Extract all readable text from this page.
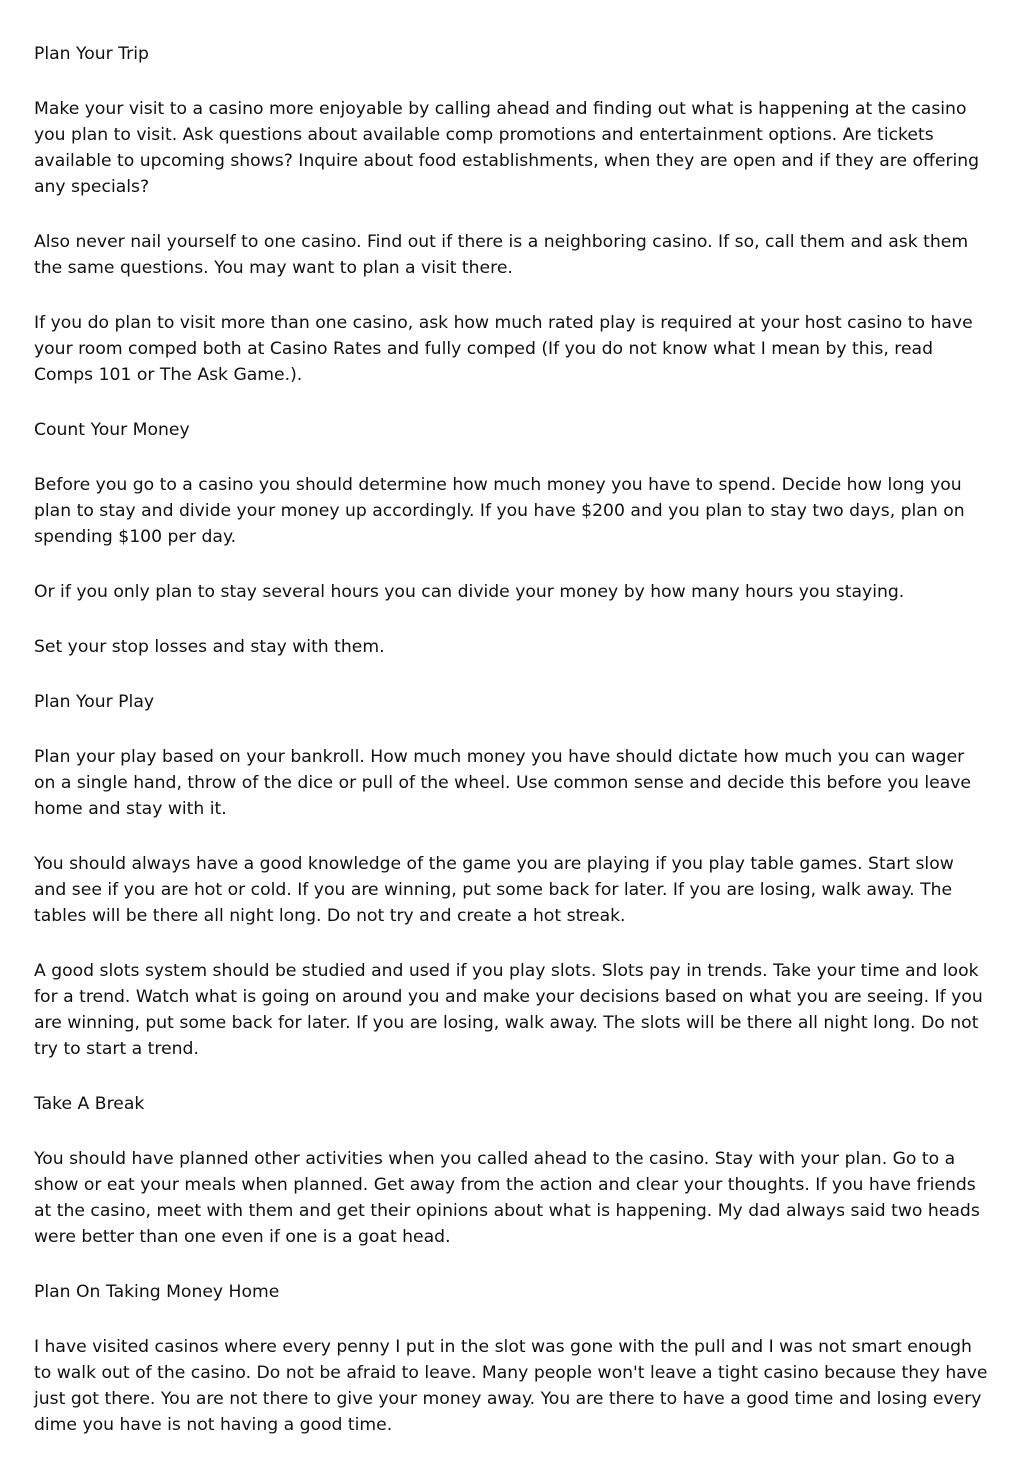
Plan Your Trip
Make your visit to a casino more enjoyable by calling ahead and finding out what is happening at the casino you plan to visit. Ask questions about available comp promotions and entertainment options. Are tickets available to upcoming shows? Inquire about food establishments, when they are open and if they are offering any specials?
Also never nail yourself to one casino. Find out if there is a neighboring casino. If so, call them and ask them the same questions. You may want to plan a visit there.
If you do plan to visit more than one casino, ask how much rated play is required at your host casino to have your room comped both at Casino Rates and fully comped (If you do not know what I mean by this, read Comps 101 or The Ask Game.).
Count Your Money
Before you go to a casino you should determine how much money you have to spend. Decide how long you plan to stay and divide your money up accordingly. If you have $200 and you plan to stay two days, plan on spending $100 per day.
Or if you only plan to stay several hours you can divide your money by how many hours you staying.
Set your stop losses and stay with them.
Plan Your Play
Plan your play based on your bankroll. How much money you have should dictate how much you can wager on a single hand, throw of the dice or pull of the wheel. Use common sense and decide this before you leave home and stay with it.
You should always have a good knowledge of the game you are playing if you play table games. Start slow and see if you are hot or cold. If you are winning, put some back for later. If you are losing, walk away. The tables will be there all night long. Do not try and create a hot streak.
A good slots system should be studied and used if you play slots. Slots pay in trends. Take your time and look for a trend. Watch what is going on around you and make your decisions based on what you are seeing. If you are winning, put some back for later. If you are losing, walk away. The slots will be there all night long. Do not try to start a trend.
Take A Break
You should have planned other activities when you called ahead to the casino. Stay with your plan. Go to a show or eat your meals when planned. Get away from the action and clear your thoughts. If you have friends at the casino, meet with them and get their opinions about what is happening. My dad always said two heads were better than one even if one is a goat head.
Plan On Taking Money Home
I have visited casinos where every penny I put in the slot was gone with the pull and I was not smart enough to walk out of the casino. Do not be afraid to leave. Many people won't leave a tight casino because they have just got there. You are not there to give your money away. You are there to have a good time and losing every dime you have is not having a good time.
